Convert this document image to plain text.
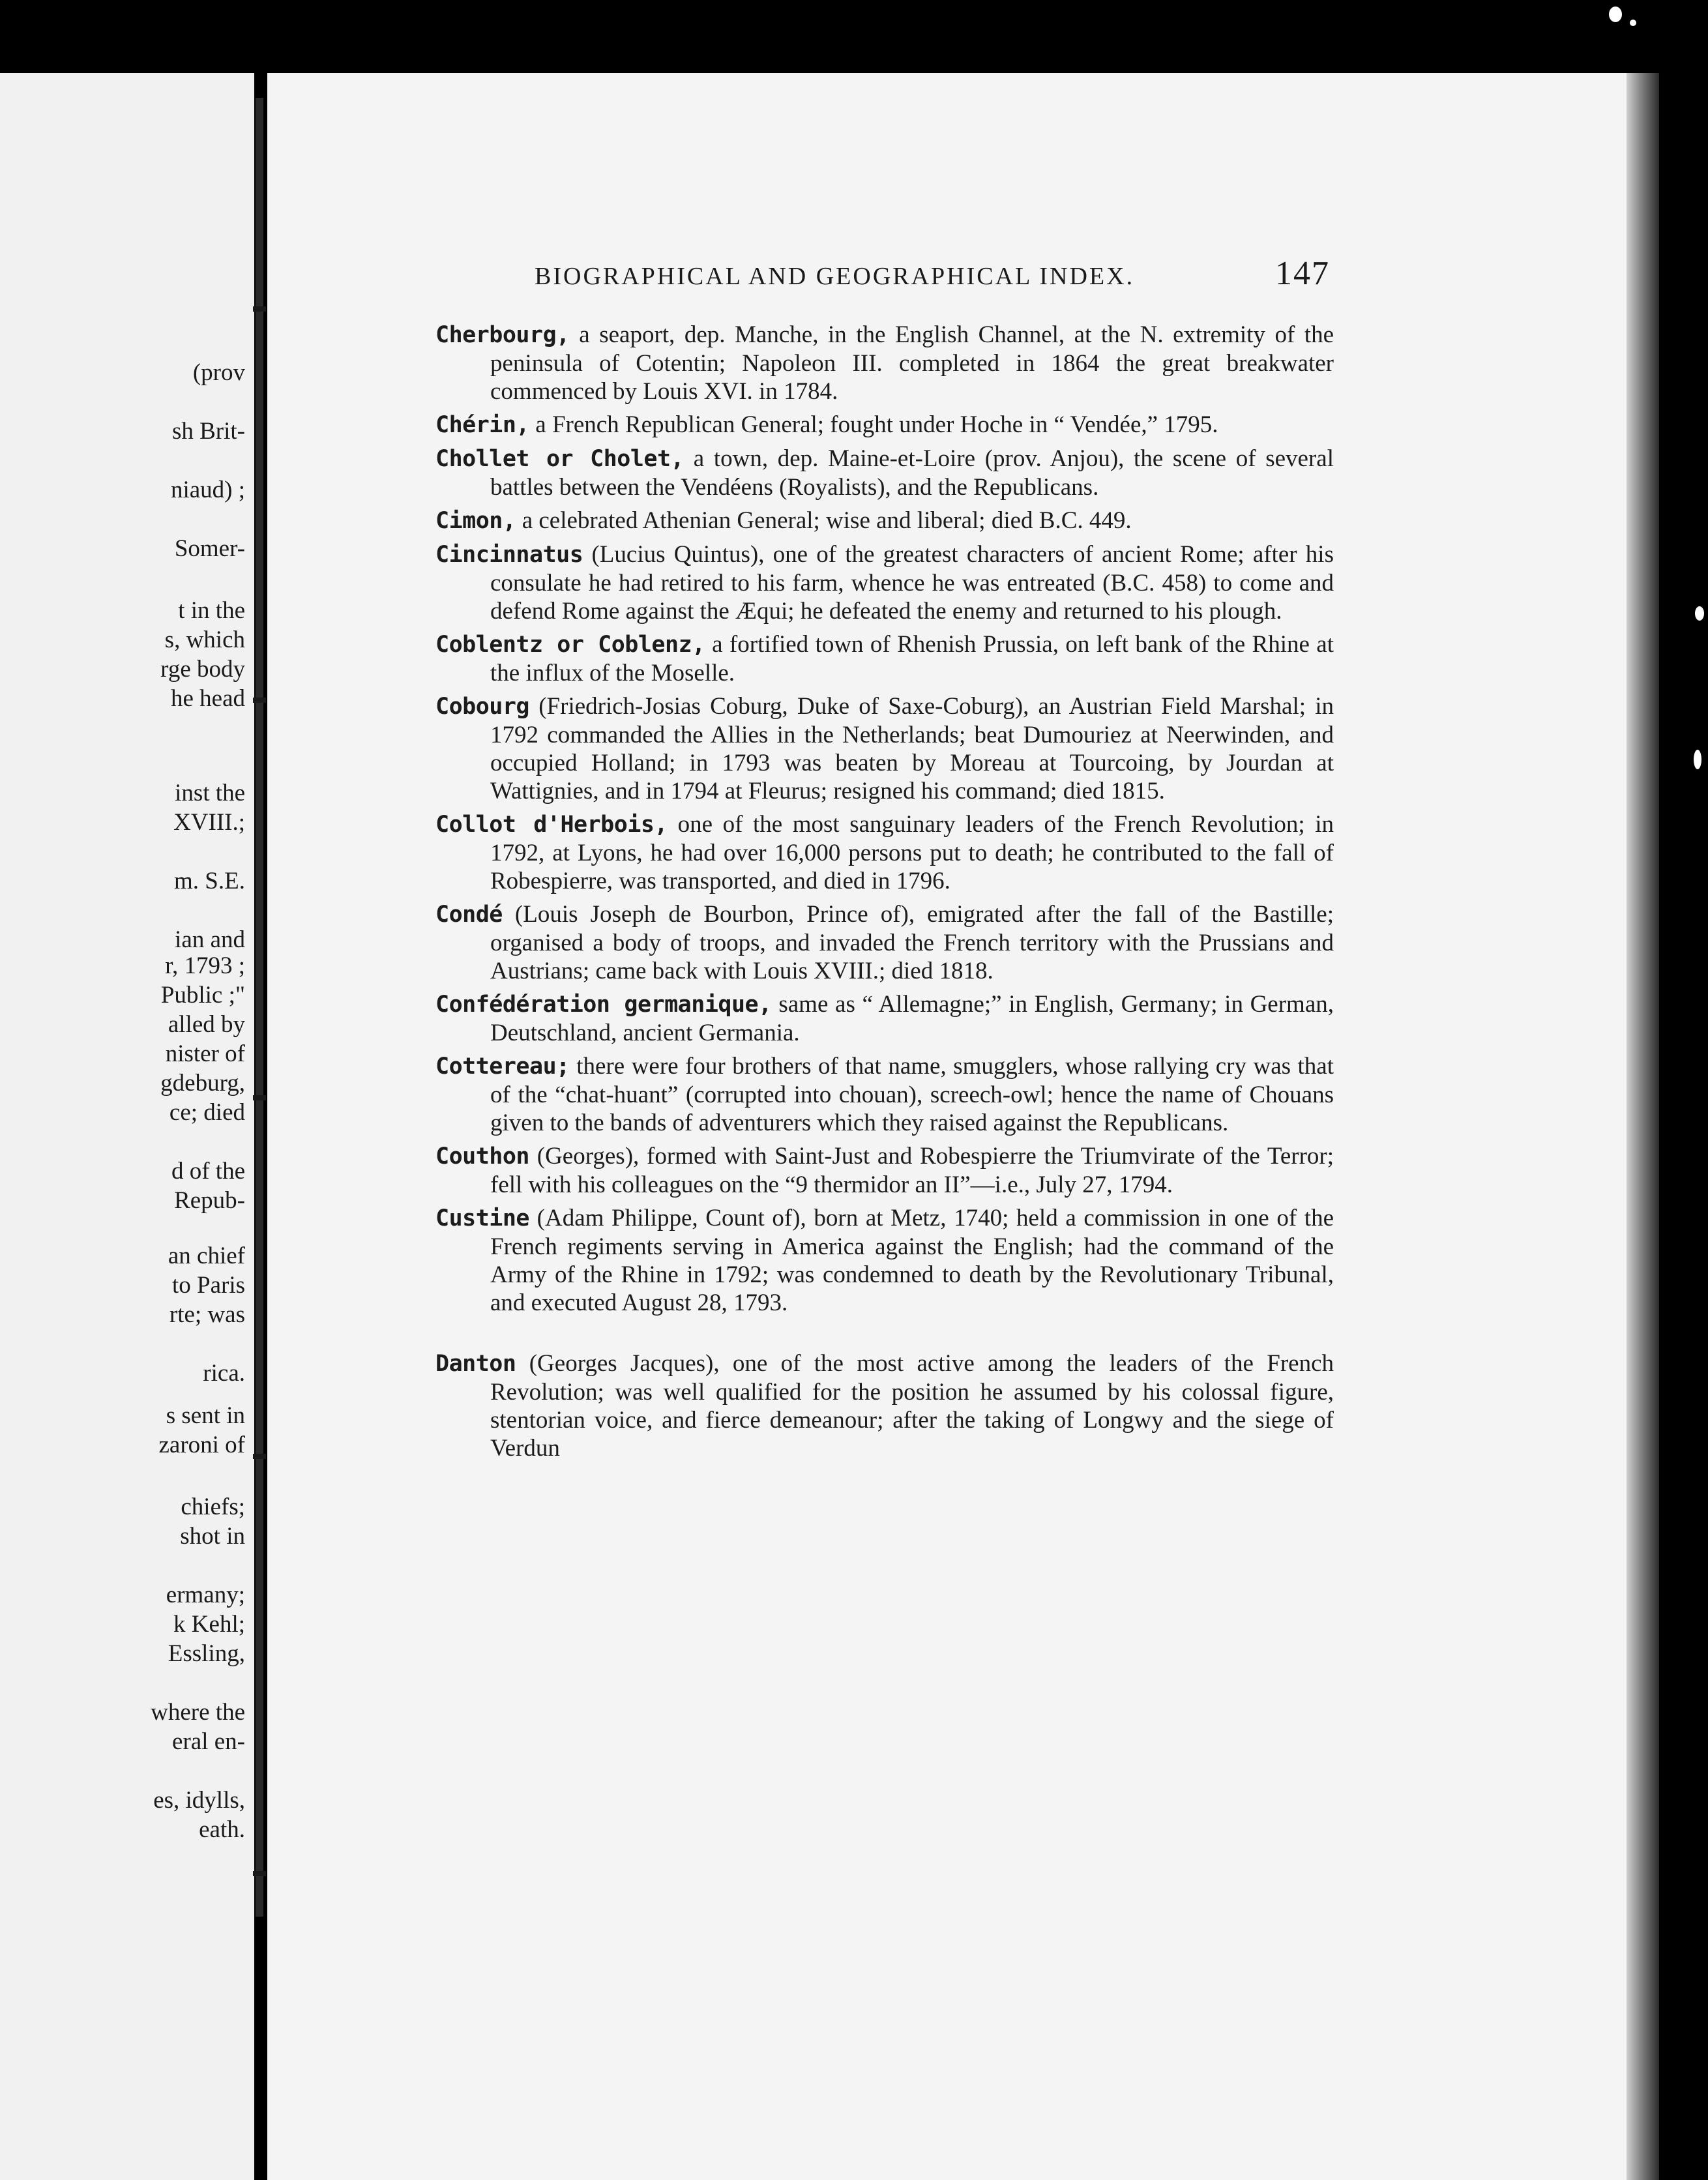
(prov
sh Brit-
niaud) ;
Somer-
t in the
s, which
rge body
he head
inst the
XVIII.;
m. S.E.
ian and
r, 1793 ;
Public ;"
alled by
nister of
gdeburg,
ce; died
d of the
Repub-
an chief
to Paris
rte; was
rica.
s sent in
zaroni of
chiefs;
shot in
ermany;
k Kehl;
Essling,
where the
eral en-
es, idylls,
eath.
BIOGRAPHICAL AND GEOGRAPHICAL INDEX.	147

Cherbourg, a seaport, dep. Manche, in the English Channel, at the N. extremity of the peninsula of Cotentin; Napoleon III. completed in 1864 the great breakwater commenced by Louis XVI. in 1784.

Chérin, a French Republican General; fought under Hoche in “ Vendée,” 1795.

Chollet or Cholet, a town, dep. Maine-et-Loire (prov. Anjou), the scene of several battles between the Vendéens (Royalists), and the Republicans.

Cimon, a celebrated Athenian General; wise and liberal; died B.C. 449.

Cincinnatus (Lucius Quintus), one of the greatest characters of ancient Rome; after his consulate he had retired to his farm, whence he was entreated (B.C. 458) to come and defend Rome against the Æqui; he defeated the enemy and returned to his plough.

Coblentz or Coblenz, a fortified town of Rhenish Prussia, on left bank of the Rhine at the influx of the Moselle.

Cobourg (Friedrich-Josias Coburg, Duke of Saxe-Coburg), an Austrian Field Marshal; in 1792 commanded the Allies in the Netherlands; beat Dumouriez at Neerwinden, and occupied Holland; in 1793 was beaten by Moreau at Tourcoing, by Jourdan at Wattignies, and in 1794 at Fleurus; resigned his command; died 1815.

Collot d'Herbois, one of the most sanguinary leaders of the French Revolution; in 1792, at Lyons, he had over 16,000 persons put to death; he contributed to the fall of Robespierre, was transported, and died in 1796.

Condé (Louis Joseph de Bourbon, Prince of), emigrated after the fall of the Bastille; organised a body of troops, and invaded the French territory with the Prussians and Austrians; came back with Louis XVIII.; died 1818.

Confédération germanique, same as “ Allemagne;” in English, Germany; in German, Deutschland, ancient Germania.

Cottereau; there were four brothers of that name, smugglers, whose rallying cry was that of the “chat-huant” (corrupted into chouan), screech-owl; hence the name of Chouans given to the bands of adventurers which they raised against the Republicans.

Couthon (Georges), formed with Saint-Just and Robespierre the Triumvirate of the Terror; fell with his colleagues on the “9 thermidor an II”—i.e., July 27, 1794.

Custine (Adam Philippe, Count of), born at Metz, 1740; held a commission in one of the French regiments serving in America against the English; had the command of the Army of the Rhine in 1792; was condemned to death by the Revolutionary Tribunal, and executed August 28, 1793.

Danton (Georges Jacques), one of the most active among the leaders of the French Revolution; was well qualified for the position he assumed by his colossal figure, stentorian voice, and fierce demeanour; after the taking of Longwy and the siege of Verdun
